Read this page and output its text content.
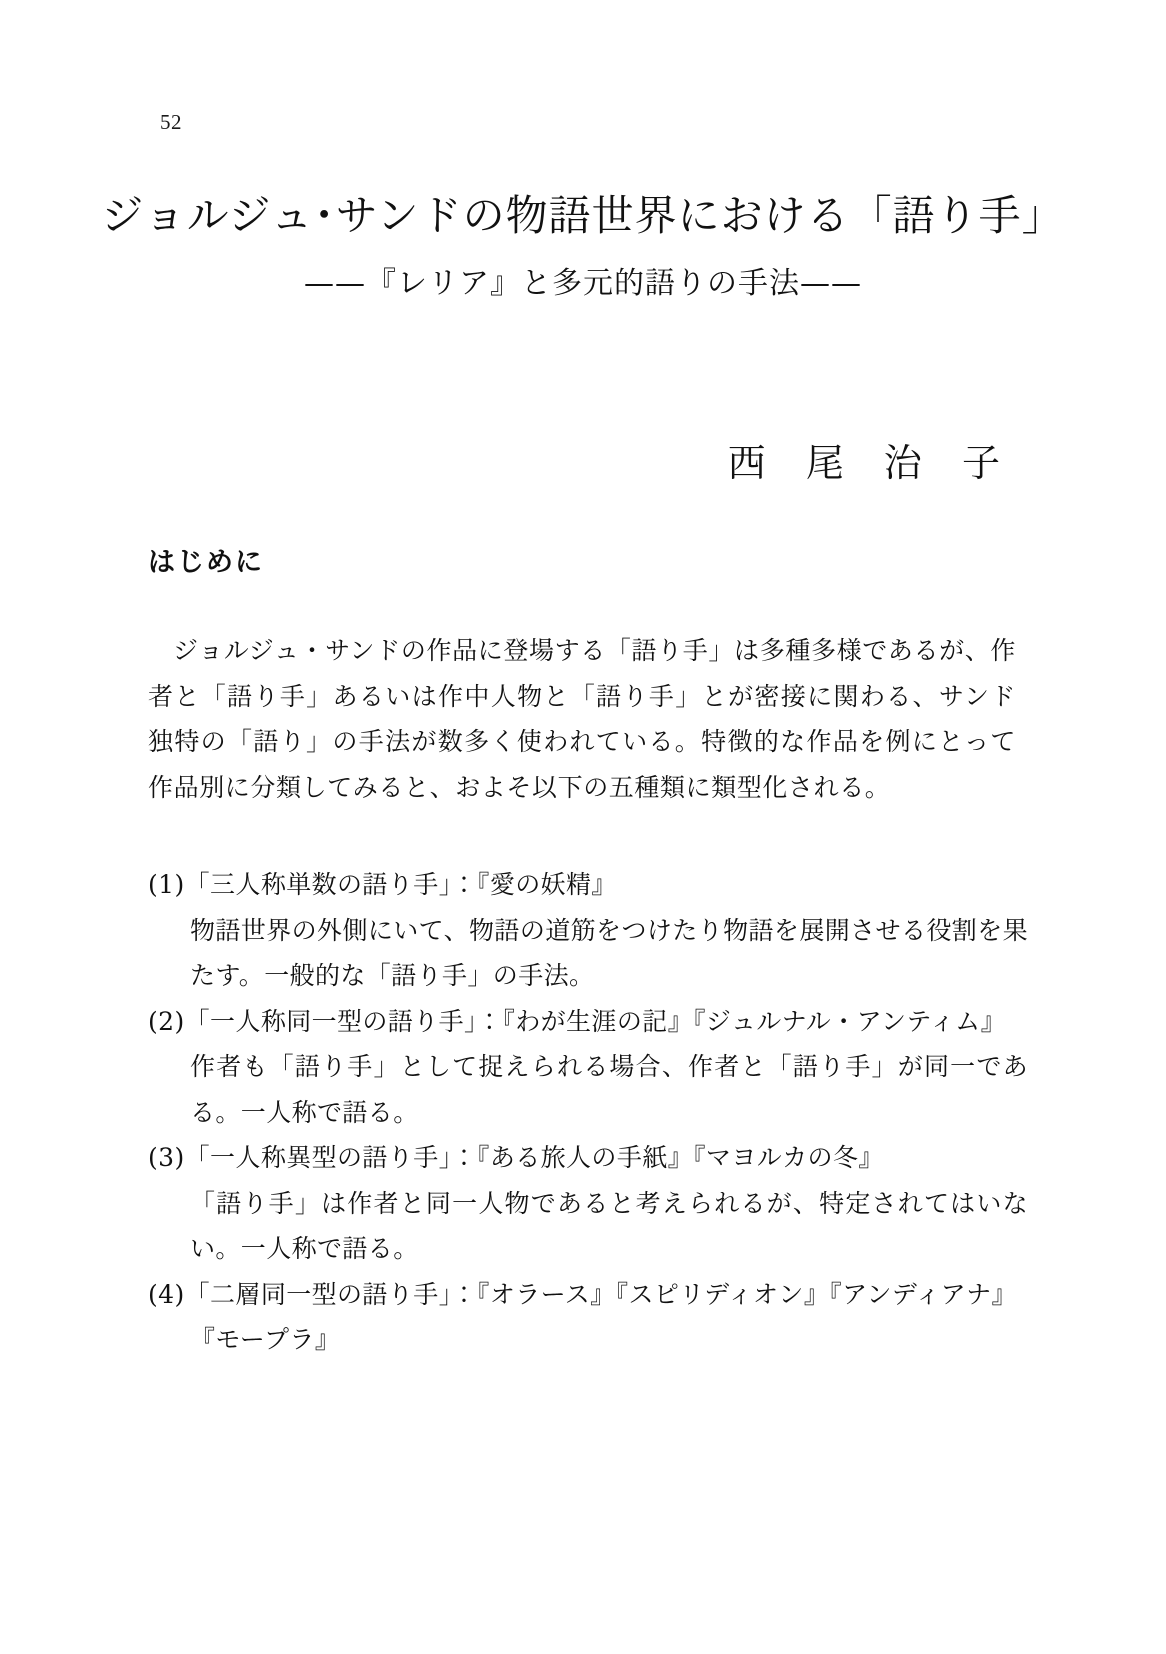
52
ジョルジュ･サンドの物語世界における「語り手」
——『レリア』と多元的語りの手法——
西 尾 治 子
はじめに

ジョルジュ・サンドの作品に登場する「語り手」は多種多様であるが、作者と「語り手」あるいは作中人物と「語り手」とが密接に関わる、サンド独特の「語り」の手法が数多く使われている。特徴的な作品を例にとって作品別に分類してみると、およそ以下の五種類に類型化される。

(1)「三人称単数の語り手」：『愛の妖精』
物語世界の外側にいて、物語の道筋をつけたり物語を展開させる役割を果たす。一般的な「語り手」の手法。
(2)「一人称同一型の語り手」：『わが生涯の記』『ジュルナル・アンティム』
作者も「語り手」として捉えられる場合、作者と「語り手」が同一である。一人称で語る。
(3)「一人称異型の語り手」：『ある旅人の手紙』『マヨルカの冬』
「語り手」は作者と同一人物であると考えられるが、特定されてはいない。一人称で語る。
(4)「二層同一型の語り手」：『オラース』『スピリディオン』『アンディアナ』
『モープラ』
